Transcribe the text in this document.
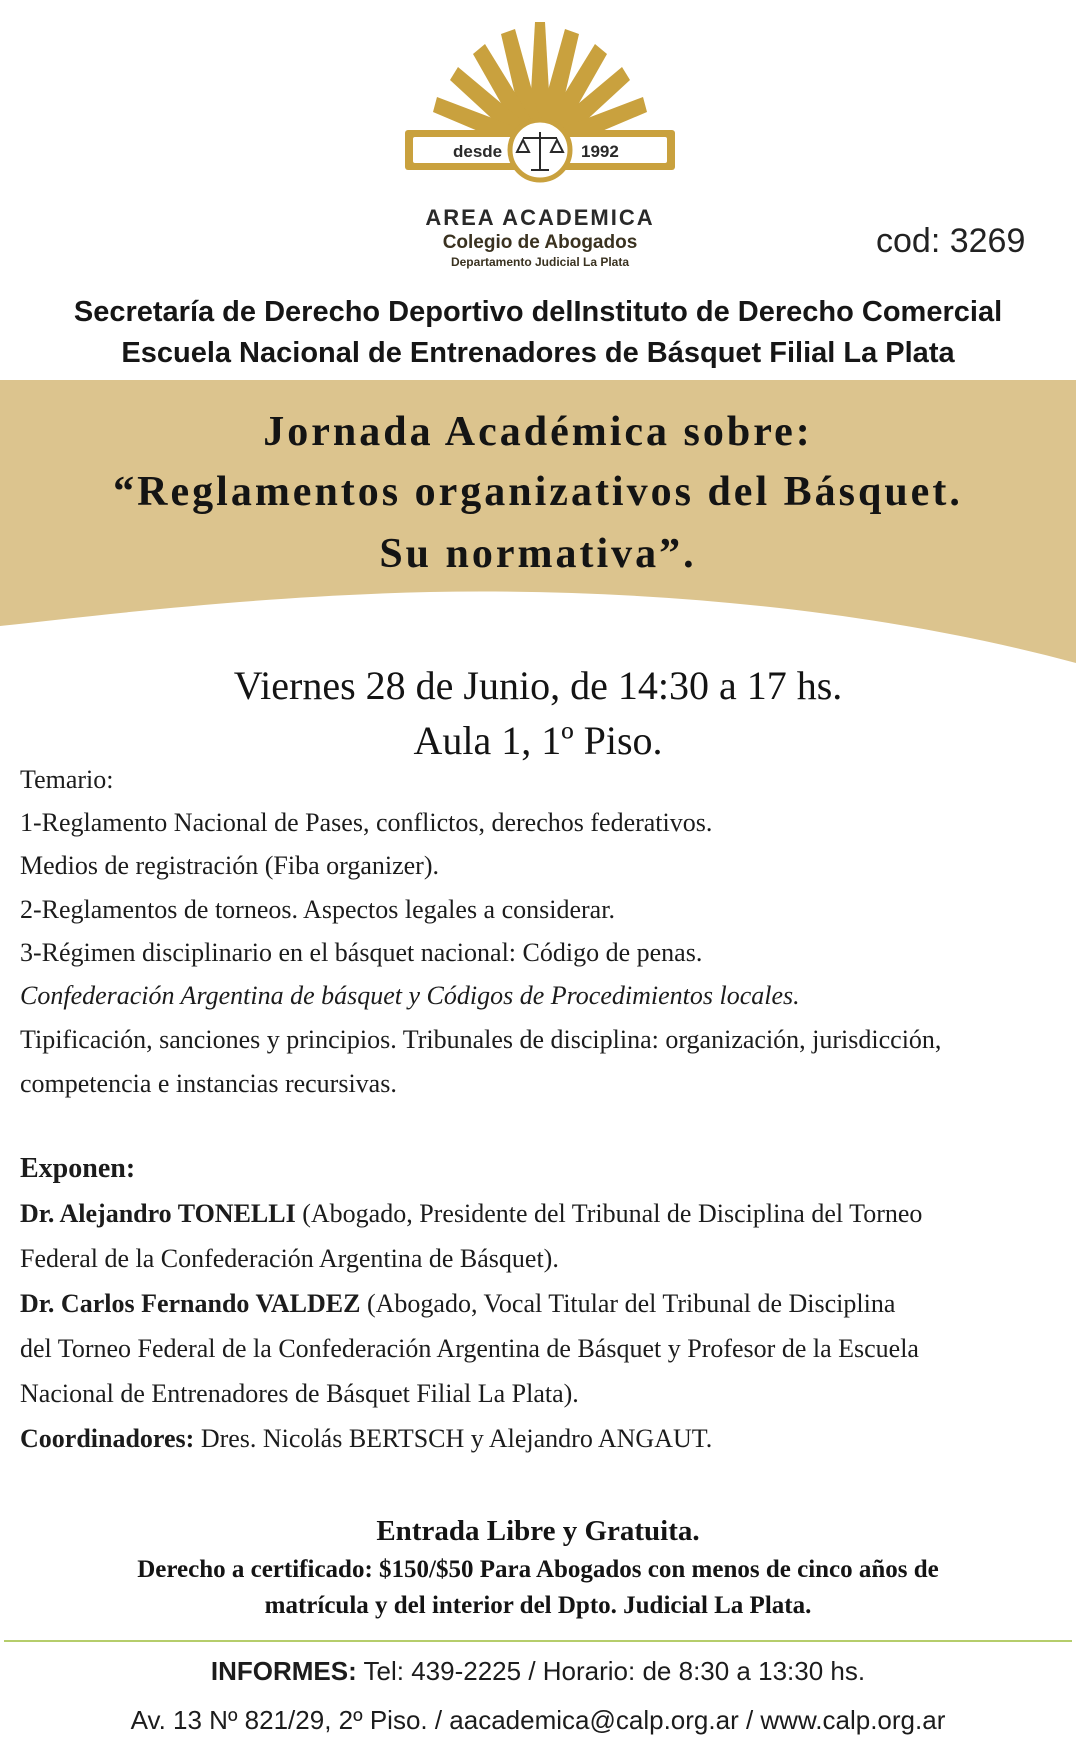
desde	1992
AREA ACADEMICA
Colegio de Abogados
Departamento Judicial La Plata
cod: 3269
Secretaría de Derecho Deportivo delInstituto de Derecho Comercial
Escuela Nacional de Entrenadores de Básquet Filial La Plata
Jornada Académica sobre:
“Reglamentos organizativos del Básquet.
Su normativa”.
Viernes 28 de Junio, de 14:30 a 17 hs.
Aula 1, 1º Piso.
Temario:
1-Reglamento Nacional de Pases, conflictos, derechos federativos.
Medios de registración (Fiba organizer).
2-Reglamentos de torneos. Aspectos legales a considerar.
3-Régimen disciplinario en el básquet nacional: Código de penas.
Confederación Argentina de básquet y Códigos de Procedimientos locales.
Tipificación, sanciones y principios. Tribunales de disciplina: organización, jurisdicción,
competencia e instancias recursivas.
Exponen:
Dr. Alejandro TONELLI (Abogado, Presidente del Tribunal de Disciplina del Torneo
Federal de la Confederación Argentina de Básquet).
Dr. Carlos Fernando VALDEZ (Abogado, Vocal Titular del Tribunal de Disciplina
del Torneo Federal de la Confederación Argentina de Básquet y Profesor de la Escuela
Nacional de Entrenadores de Básquet Filial La Plata).
Coordinadores: Dres. Nicolás BERTSCH y Alejandro ANGAUT.
Entrada Libre y Gratuita.
Derecho a certificado: $150/$50 Para Abogados con menos de cinco años de
matrícula y del interior del Dpto. Judicial La Plata.
INFORMES: Tel: 439-2225 / Horario: de 8:30 a 13:30 hs.
Av. 13 Nº 821/29, 2º Piso. / aacademica@calp.org.ar / www.calp.org.ar
